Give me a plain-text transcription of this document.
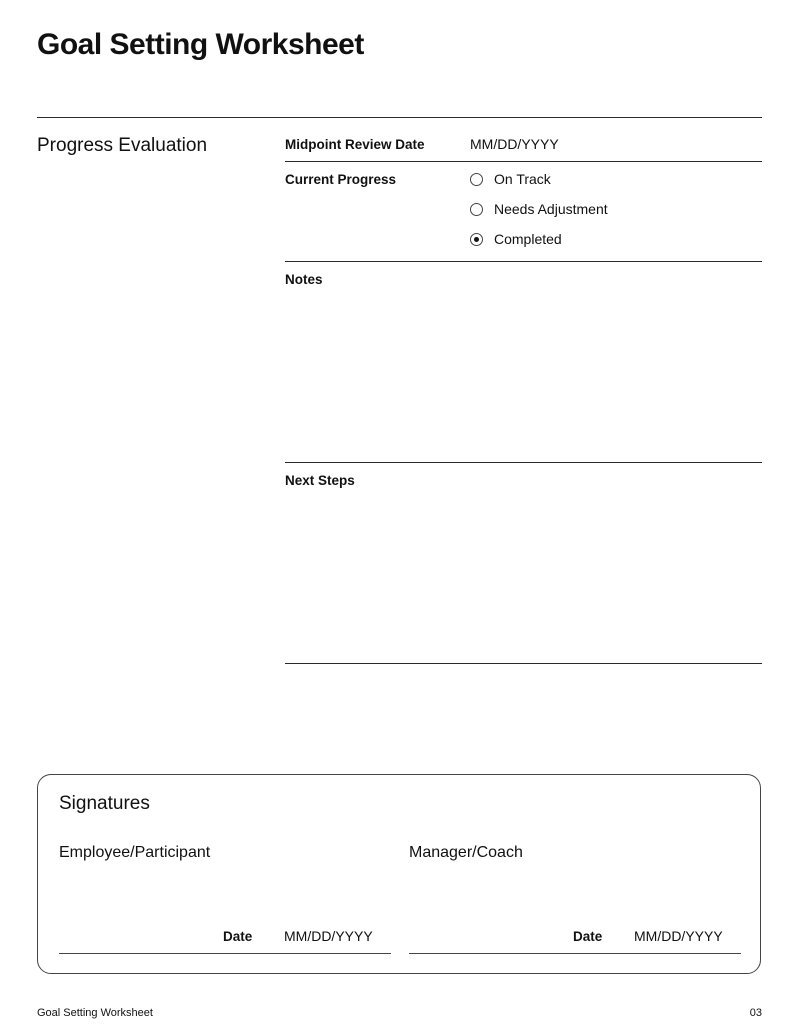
Goal Setting Worksheet
Progress Evaluation	Midpoint Review Date	MM/DD/YYYY
Current Progress	On Track
Needs Adjustment
Completed
Notes
Next Steps
Signatures
Employee/Participant
Date MM/DD/YYYY
Manager/Coach
Date MM/DD/YYYY
Goal Setting Worksheet	03
